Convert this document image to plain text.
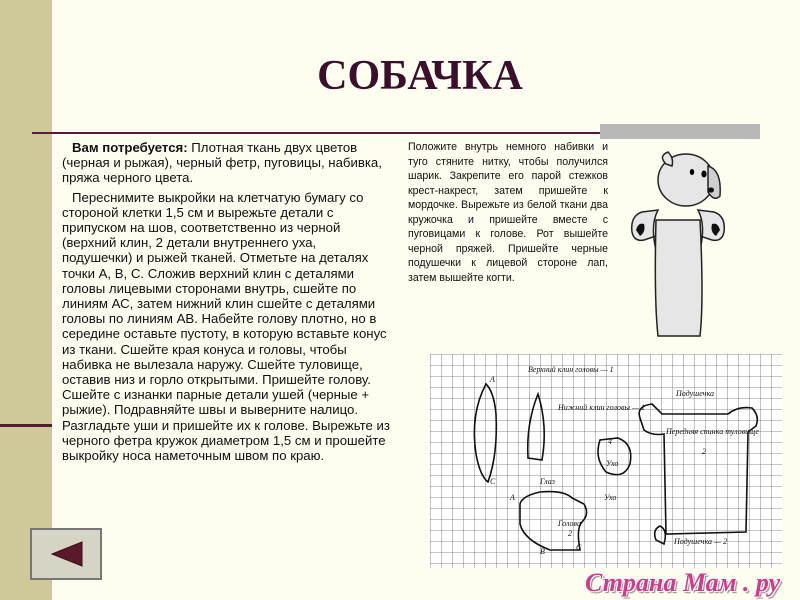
СОБАЧКА

Вам потребуется: Плотная ткань двух цветов (черная и рыжая), черный фетр, пуговицы, набивка, пряжа черного цвета.

Переснимите выкройки на клетчатую бумагу со стороной клетки 1,5 см и вырежьте детали с припуском на шов, соответственно из черной (верхний клин, 2 детали внутреннего уха, подушечки) и рыжей тканей. Отметьте на деталях точки А, В, С. Сложив верхний клин с деталями головы лицевыми сторонами внутрь, сшейте по линиям АС, затем нижний клин сшейте с деталями головы по линиям АВ. Набейте голову плотно, но в середине оставьте пустоту, в которую вставьте конус из ткани. Сшейте края конуса и головы, чтобы набивка не вылезала наружу. Сшейте туловище, оставив низ и горло открытыми. Пришейте голову. Сшейте с изнанки парные детали ушей (черные + рыжие). Подравняйте швы и выверните налицо. Разгладьте уши и пришейте их к голове. Вырежьте из черного фетра кружок диаметром 1,5 см и прошейте выкройку носа наметочным швом по краю.

Положите внутрь немного набивки и туго стяните нитку, чтобы получился шарик. Закрепите его парой стежков крест-накрест, затем пришейте к мордочке. Вырежьте из белой ткани два кружочка и пришейте вместе с пуговицами к голове. Рот вышейте черной пряжей. Пришейте черные подушечки к лицевой стороне лап, затем вышейте когти.

Верхний клин головы — 1
Нижний клин головы — 1
4
Ухо
Ухо
Глаз
Голова
2
Подушечка
Передняя спинка туловище
2
Подушечка — 2
А
С
А
В	С
Страна Мам . ру
